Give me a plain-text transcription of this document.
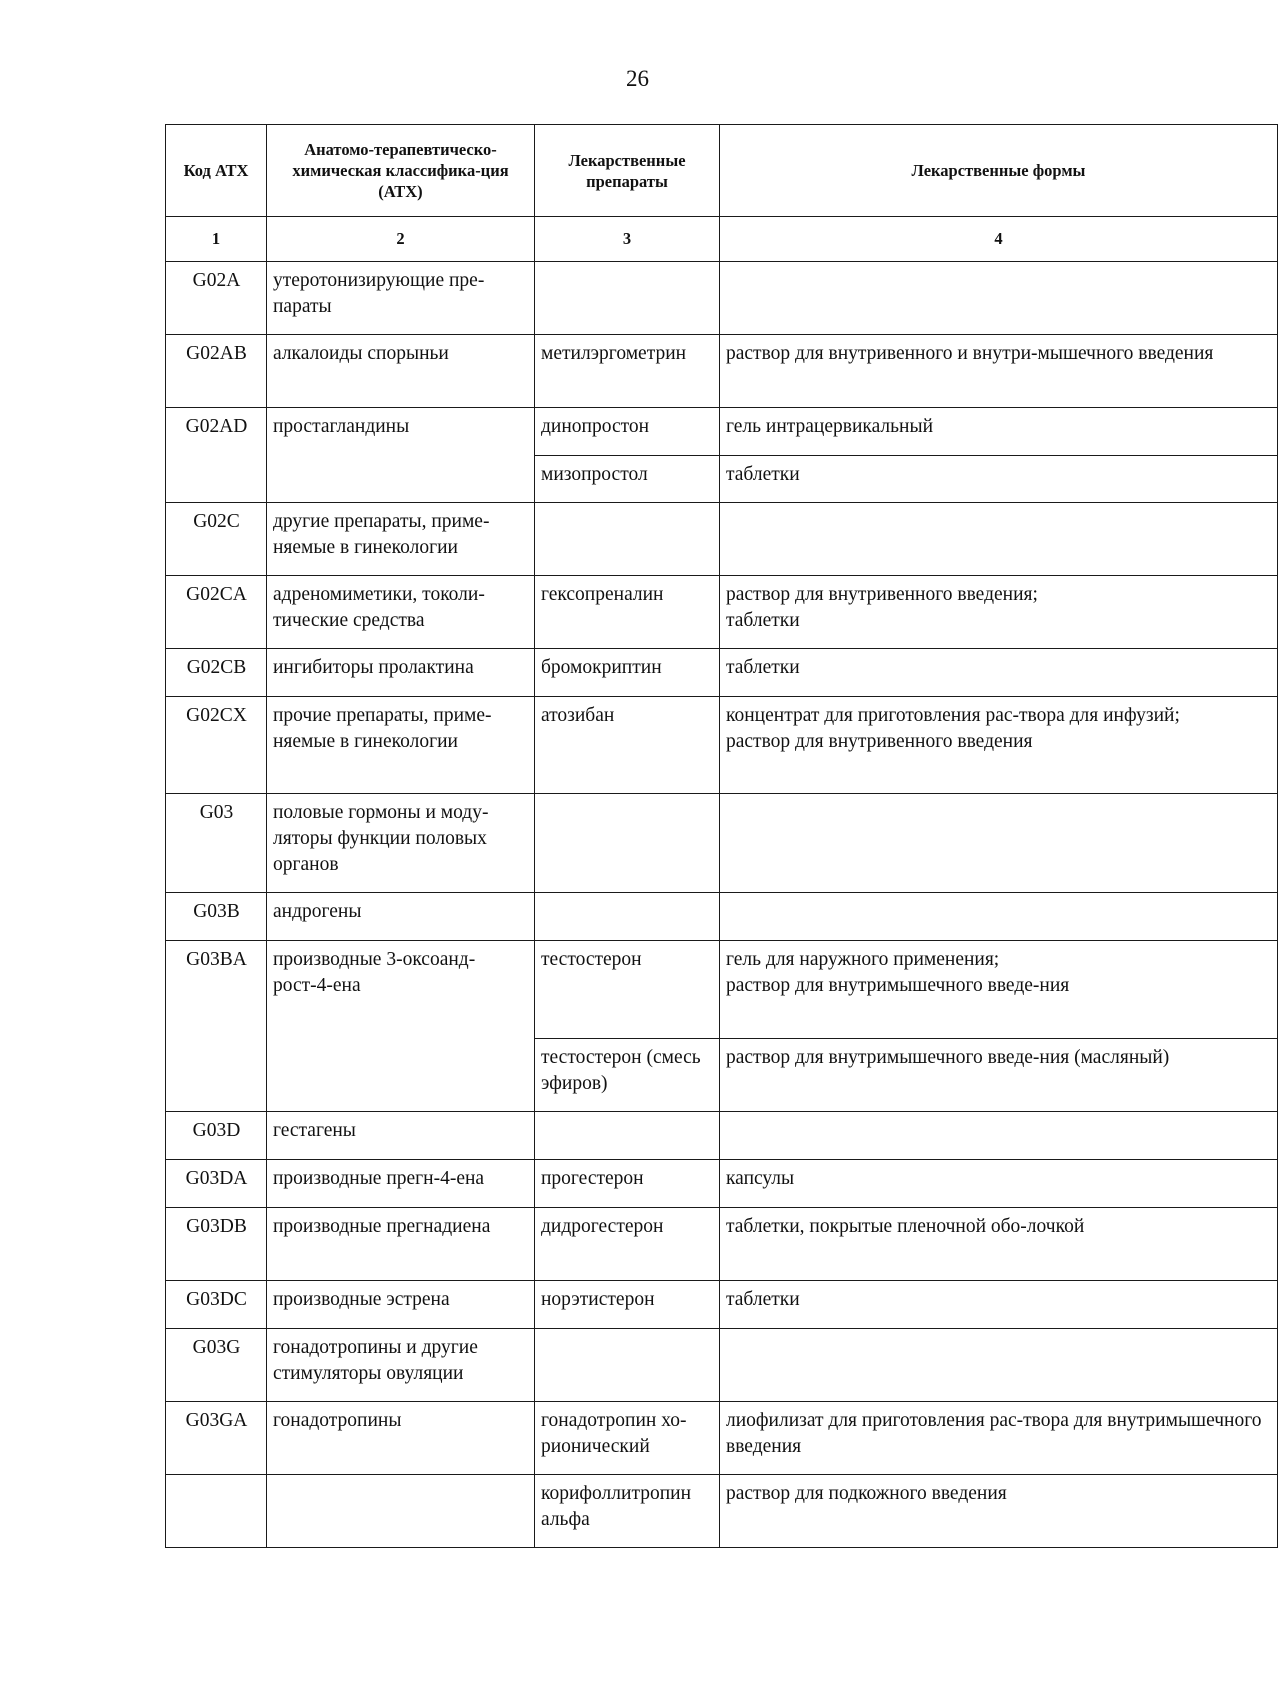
26
Код АТХ	Анатомо-терапевтическо-химическая классифика-ция (АТХ)	Лекарственные препараты	Лекарственные формы
1	2	3	4
G02A	утеротонизирующие пре-параты		
G02AB	алкалоиды спорыньи	метилэргометрин	раствор для внутривенного и внутри-мышечного введения
G02AD	простагландины	динопростон	гель интрацервикальный
		мизопростол	таблетки
G02C	другие препараты, приме-няемые в гинекологии		
G02CA	адреномиметики, токоли-тические средства	гексопреналин	раствор для внутривенного введения;
таблетки
G02CB	ингибиторы пролактина	бромокриптин	таблетки
G02CX	прочие препараты, приме-няемые в гинекологии	атозибан	концентрат для приготовления рас-твора для инфузий;
раствор для внутривенного введения
G03	половые гормоны и моду-ляторы функции половых органов		
G03B	андрогены		
G03BA	производные 3-оксоанд-рост-4-ена	тестостерон	гель для наружного применения;
раствор для внутримышечного введе-ния
		тестостерон (смесь эфиров)	раствор для внутримышечного введе-ния (масляный)
G03D	гестагены		
G03DA	производные прегн-4-ена	прогестерон	капсулы
G03DB	производные прегнадиена	дидрогестерон	таблетки, покрытые пленочной обо-лочкой
G03DC	производные эстрена	норэтистерон	таблетки
G03G	гонадотропины и другие стимуляторы овуляции		
G03GA	гонадотропины	гонадотропин хо-рионический	лиофилизат для приготовления рас-твора для внутримышечного введения
		корифоллитропин альфа	раствор для подкожного введения
